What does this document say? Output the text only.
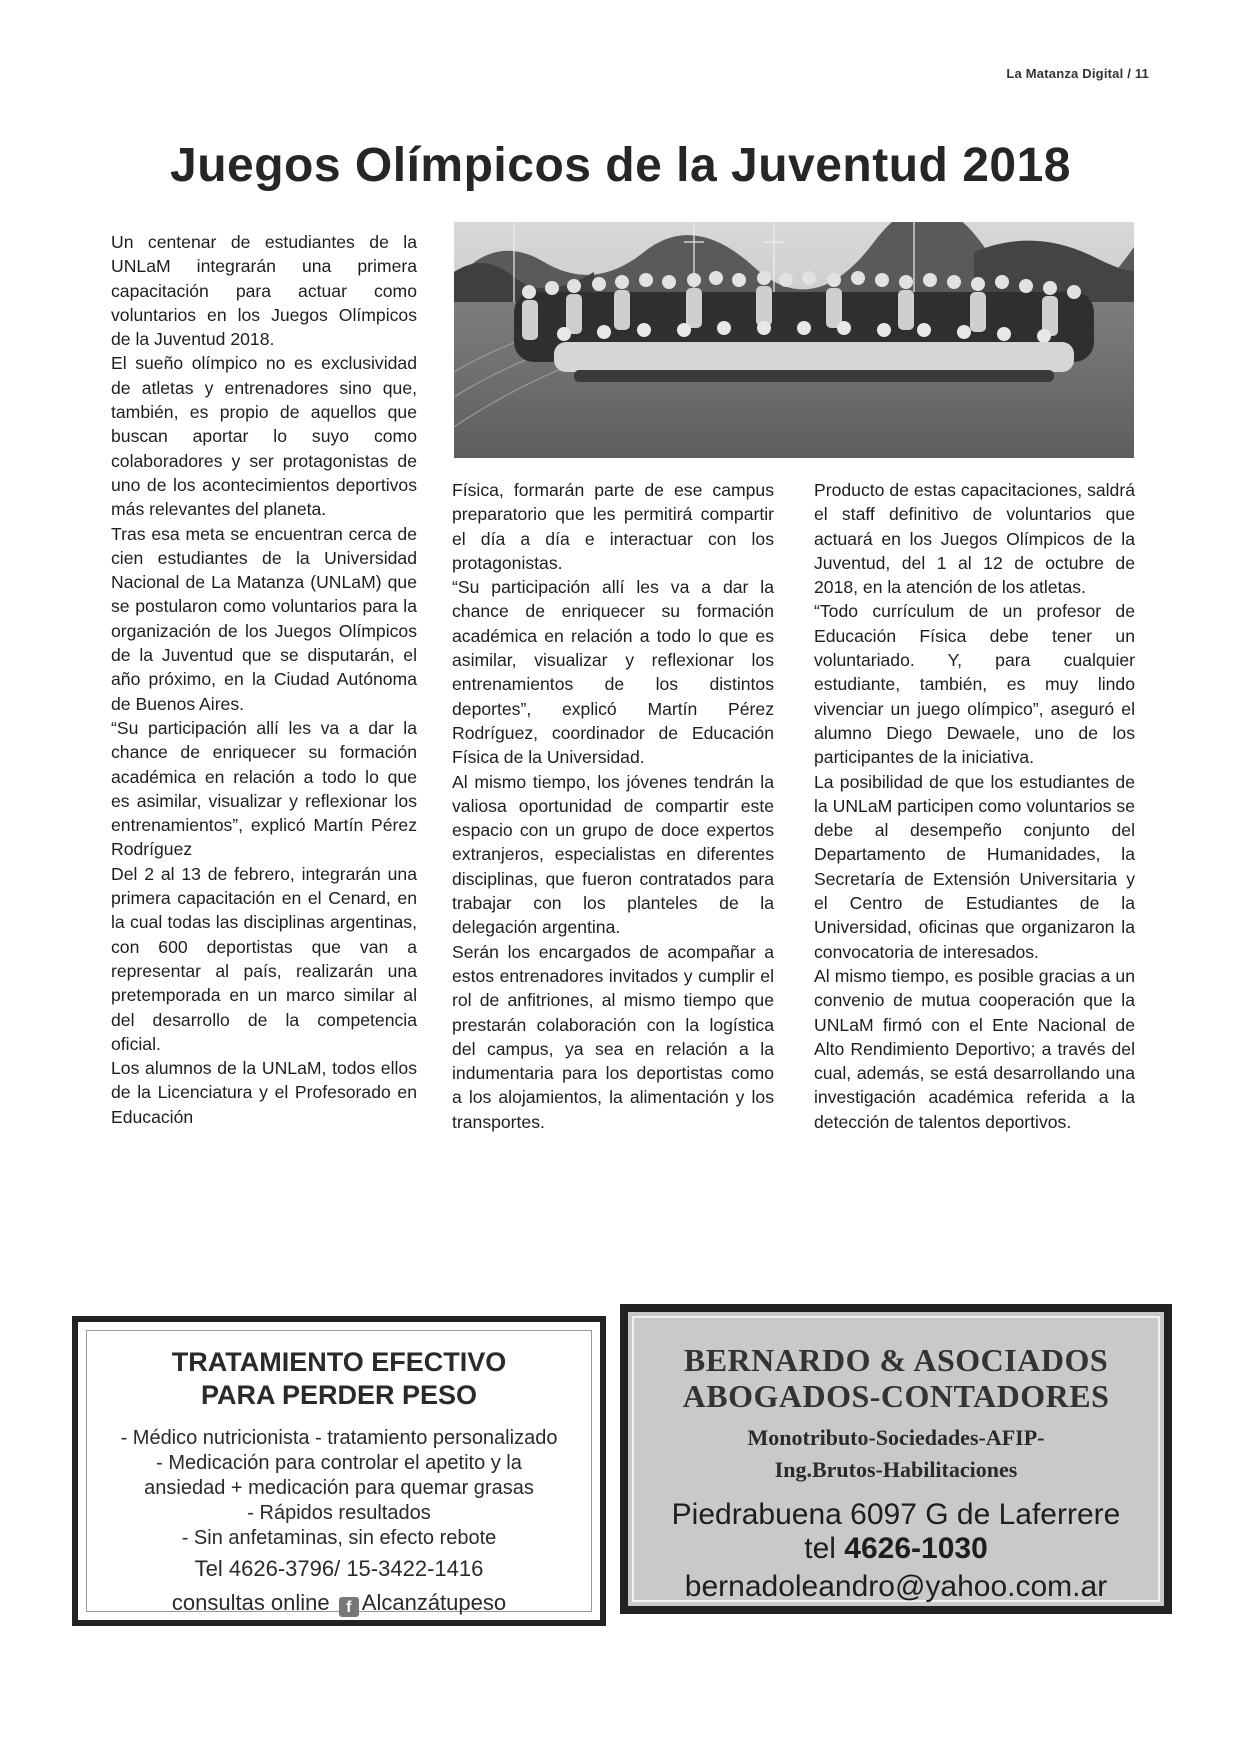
La Matanza Digital / 11
Juegos Olímpicos de la Juventud 2018

Un centenar de estudiantes de la UNLaM integrarán una primera capacitación para actuar como voluntarios en los Juegos Olímpicos de la Juventud 2018.

El sueño olímpico no es exclusividad de atletas y entrenadores sino que, también, es propio de aquellos que buscan aportar lo suyo como colaboradores y ser protagonistas de uno de los acontecimientos deportivos más relevantes del planeta.

Tras esa meta se encuentran cerca de cien estudiantes de la Universidad Nacional de La Matanza (UNLaM) que se postularon como voluntarios para la organización de los Juegos Olímpicos de la Juventud que se disputarán, el año próximo, en la Ciudad Autónoma de Buenos Aires.

“Su participación allí les va a dar la chance de enriquecer su formación académica en relación a todo lo que es asimilar, visualizar y reflexionar los entrenamientos”, explicó Martín Pérez Rodríguez

Del 2 al 13 de febrero, integrarán una primera capacitación en el Cenard, en la cual todas las disciplinas argentinas, con 600 deportistas que van a representar al país, realizarán una pretemporada en un marco similar al del desarrollo de la competencia oficial.

Los alumnos de la UNLaM, todos ellos de la Licenciatura y el Profesorado en Educación

Física, formarán parte de ese campus preparatorio que les permitirá compartir el día a día e interactuar con los protagonistas.

“Su participación allí les va a dar la chance de enriquecer su formación académica en relación a todo lo que es asimilar, visualizar y reflexionar los entrenamientos de los distintos deportes”, explicó Martín Pérez Rodríguez, coordinador de Educación Física de la Universidad.

Al mismo tiempo, los jóvenes tendrán la valiosa oportunidad de compartir este espacio con un grupo de doce expertos extranjeros, especialistas en diferentes disciplinas, que fueron contratados para trabajar con los planteles de la delegación argentina.

Serán los encargados de acompañar a estos entrenadores invitados y cumplir el rol de anfitriones, al mismo tiempo que prestarán colaboración con la logística del campus, ya sea en relación a la indumentaria para los deportistas como a los alojamientos, la alimentación y los transportes.

Producto de estas capacitaciones, saldrá el staff definitivo de voluntarios que actuará en los Juegos Olímpicos de la Juventud, del 1 al 12 de octubre de 2018, en la atención de los atletas.

“Todo currículum de un profesor de Educación Física debe tener un voluntariado. Y, para cualquier estudiante, también, es muy lindo vivenciar un juego olímpico”, aseguró el alumno Diego Dewaele, uno de los participantes de la iniciativa.

La posibilidad de que los estudiantes de la UNLaM participen como voluntarios se debe al desempeño conjunto del Departamento de Humanidades, la Secretaría de Extensión Universitaria y el Centro de Estudiantes de la Universidad, oficinas que organizaron la convocatoria de interesados.

Al mismo tiempo, es posible gracias a un convenio de mutua cooperación que la UNLaM firmó con el Ente Nacional de Alto Rendimiento Deportivo; a través del cual, además, se está desarrollando una investigación académica referida a la detección de talentos deportivos.

TRATAMIENTO EFECTIVO
PARA PERDER PESO
- Médico nutricionista - tratamiento personalizado
- Medicación para controlar el apetito y la
ansiedad + medicación para quemar grasas
- Rápidos resultados
- Sin anfetaminas, sin efecto rebote
Tel 4626-3796/ 15-3422-1416
consultas online f Alcanzátupeso
BERNARDO & ASOCIADOS
ABOGADOS-CONTADORES
Monotributo-Sociedades-AFIP-
Ing.Brutos-Habilitaciones
Piedrabuena 6097 G de Laferrere
tel 4626-1030
bernadoleandro@yahoo.com.ar
